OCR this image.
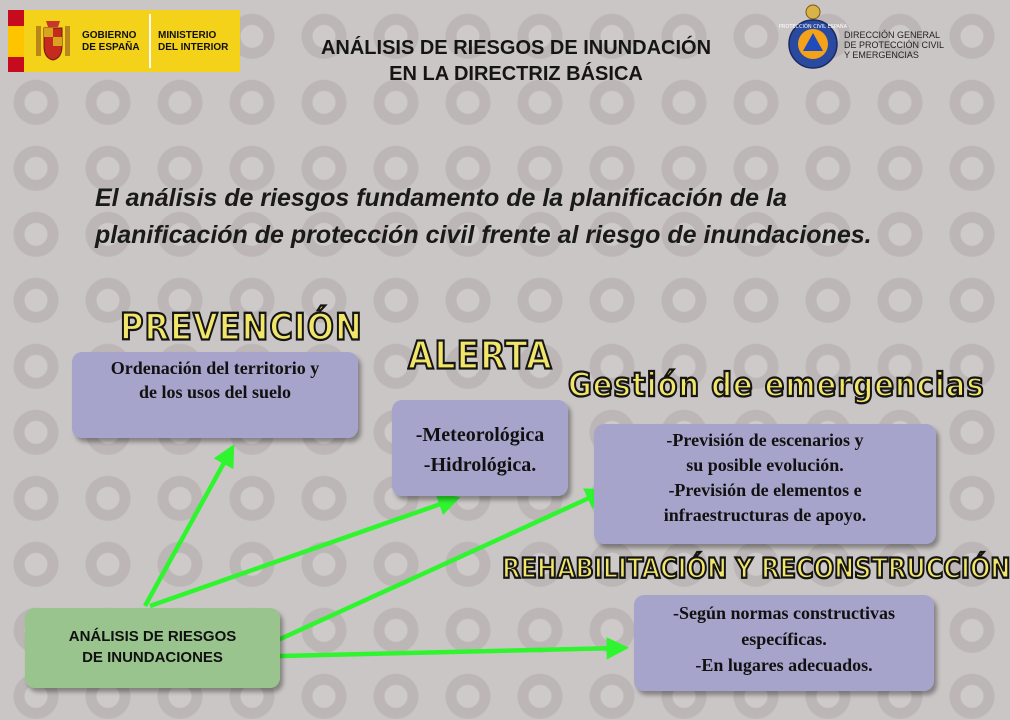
GOBIERNO
DE ESPAÑA
MINISTERIO
DEL INTERIOR	ANÁLISIS DE RIESGOS DE INUNDACIÓN
EN LA DIRECTRIZ BÁSICA
PROTECCIÓN CIVIL ESPAÑA
DIRECCIÓN GENERAL
DE PROTECCIÓN CIVIL
Y EMERGENCIAS
El análisis de riesgos fundamento de la planificación de la planificación de protección civil frente al riesgo de inundaciones.
PREVENCIÓN
ALERTA
Gestión de emergencias
REHABILITACIÓN Y RECONSTRUCCIÓN
Ordenación del territorio y
de los usos del suelo
-Meteorológica
-Hidrológica.
-Previsión de escenarios y
su posible evolución.
-Previsión de elementos e
infraestructuras de apoyo.
-Según normas constructivas
específicas.
-En lugares adecuados.
ANÁLISIS DE RIESGOS
DE INUNDACIONES
